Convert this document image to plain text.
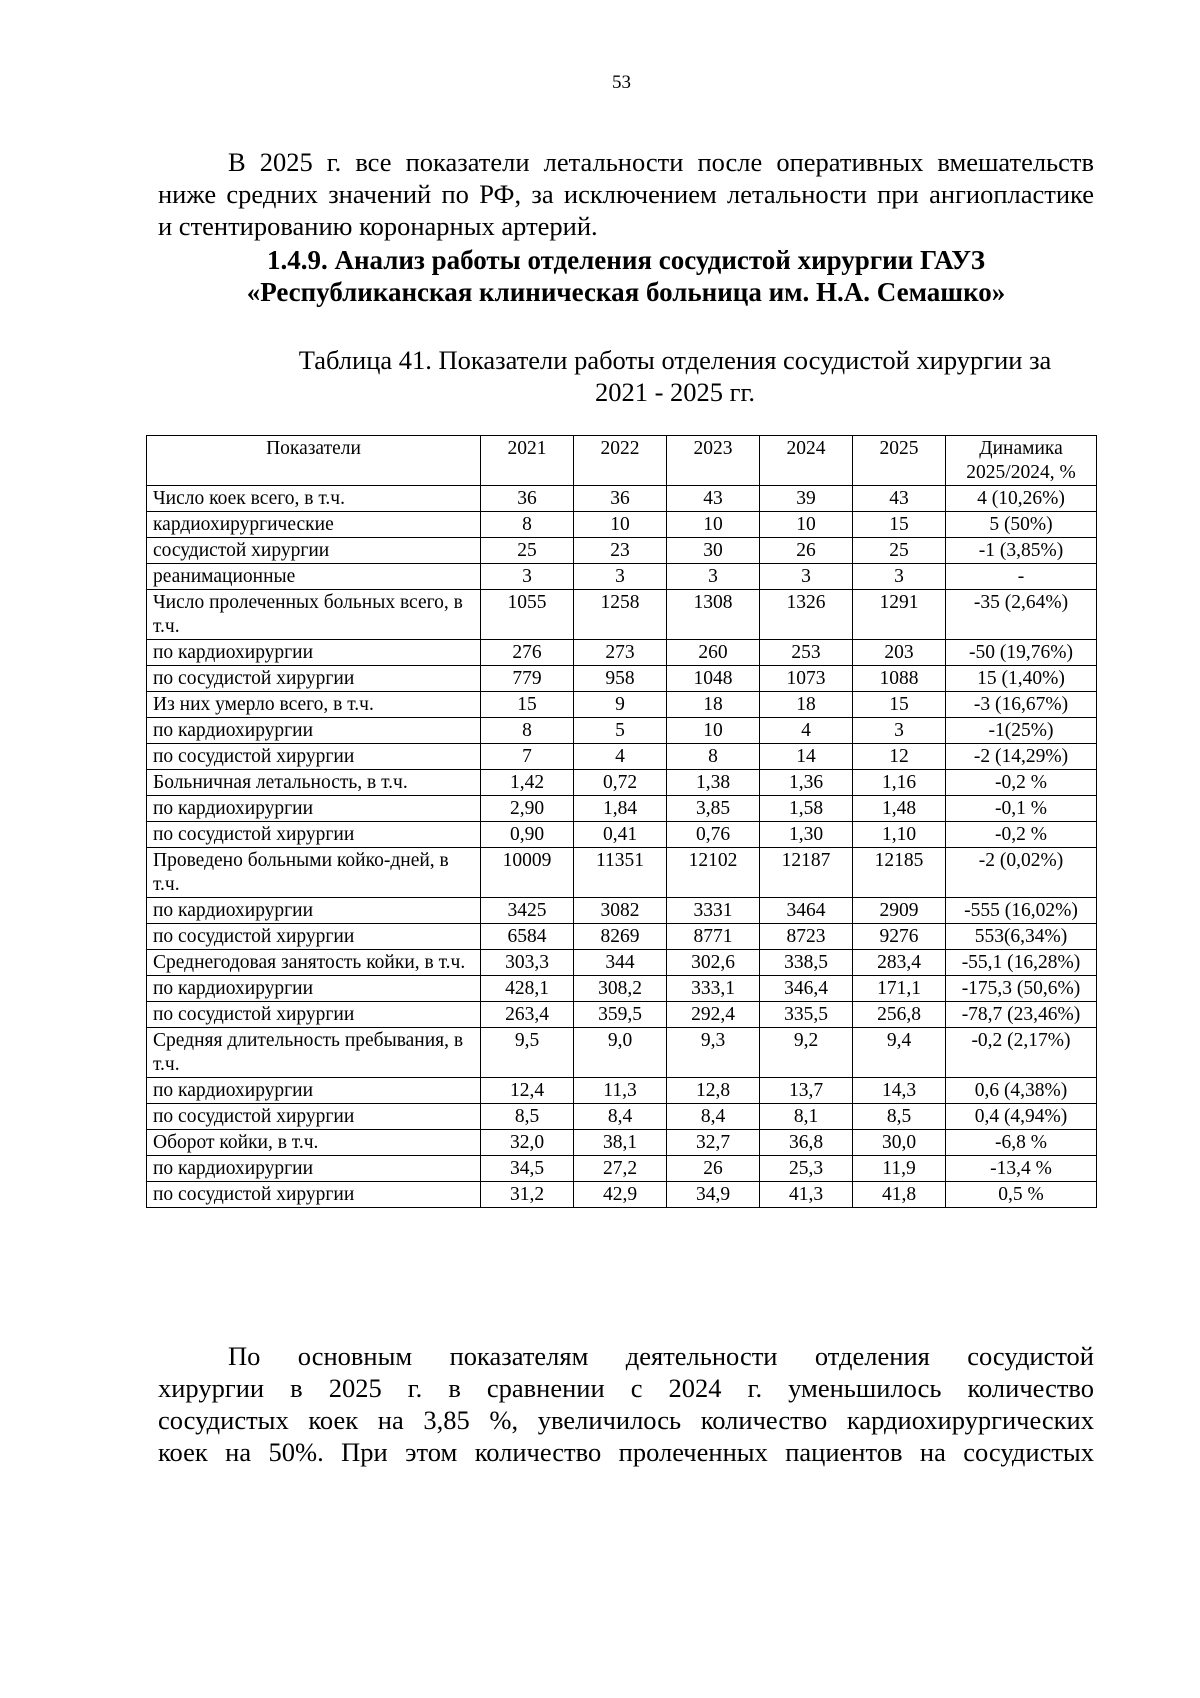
53
В 2025 г. все показатели летальности после оперативных вмешательств
ниже средних значений по РФ, за исключением летальности при ангиопластике
и стентированию коронарных артерий.
1.4.9. Анализ работы отделения сосудистой хирургии ГАУЗ
«Республиканская клиническая больница им. Н.А. Семашко»
Таблица 41. Показатели работы отделения сосудистой хирургии за
2021 - 2025 гг.
Показатели	2021	2022	2023	2024	2025	Динамика 2025/2024, %
Число коек всего, в т.ч.	36	36	43	39	43	4 (10,26%)
кардиохирургические	8	10	10	10	15	5 (50%)
сосудистой хирургии	25	23	30	26	25	-1 (3,85%)
реанимационные	3	3	3	3	3	-
Число пролеченных больных всего, в т.ч.	1055	1258	1308	1326	1291	-35 (2,64%)
по кардиохирургии	276	273	260	253	203	-50 (19,76%)
по сосудистой хирургии	779	958	1048	1073	1088	15 (1,40%)
Из них умерло всего, в т.ч.	15	9	18	18	15	-3 (16,67%)
по кардиохирургии	8	5	10	4	3	-1(25%)
по сосудистой хирургии	7	4	8	14	12	-2 (14,29%)
Больничная летальность, в т.ч.	1,42	0,72	1,38	1,36	1,16	-0,2 %
по кардиохирургии	2,90	1,84	3,85	1,58	1,48	-0,1 %
по сосудистой хирургии	0,90	0,41	0,76	1,30	1,10	-0,2 %
Проведено больными койко-дней, в т.ч.	10009	11351	12102	12187	12185	-2 (0,02%)
по кардиохирургии	3425	3082	3331	3464	2909	-555 (16,02%)
по сосудистой хирургии	6584	8269	8771	8723	9276	553(6,34%)
Среднегодовая занятость койки, в т.ч.	303,3	344	302,6	338,5	283,4	-55,1 (16,28%)
по кардиохирургии	428,1	308,2	333,1	346,4	171,1	-175,3 (50,6%)
по сосудистой хирургии	263,4	359,5	292,4	335,5	256,8	-78,7 (23,46%)
Средняя длительность пребывания, в т.ч.	9,5	9,0	9,3	9,2	9,4	-0,2 (2,17%)
по кардиохирургии	12,4	11,3	12,8	13,7	14,3	0,6 (4,38%)
по сосудистой хирургии	8,5	8,4	8,4	8,1	8,5	0,4 (4,94%)
Оборот койки, в т.ч.	32,0	38,1	32,7	36,8	30,0	-6,8 %
по кардиохирургии	34,5	27,2	26	25,3	11,9	-13,4 %
по сосудистой хирургии	31,2	42,9	34,9	41,3	41,8	0,5 %
По основным показателям деятельности отделения сосудистой
хирургии в 2025 г. в сравнении с 2024 г. уменьшилось количество
сосудистых коек на 3,85 %, увеличилось количество кардиохирургических
коек на 50%. При этом количество пролеченных пациентов на сосудистых
